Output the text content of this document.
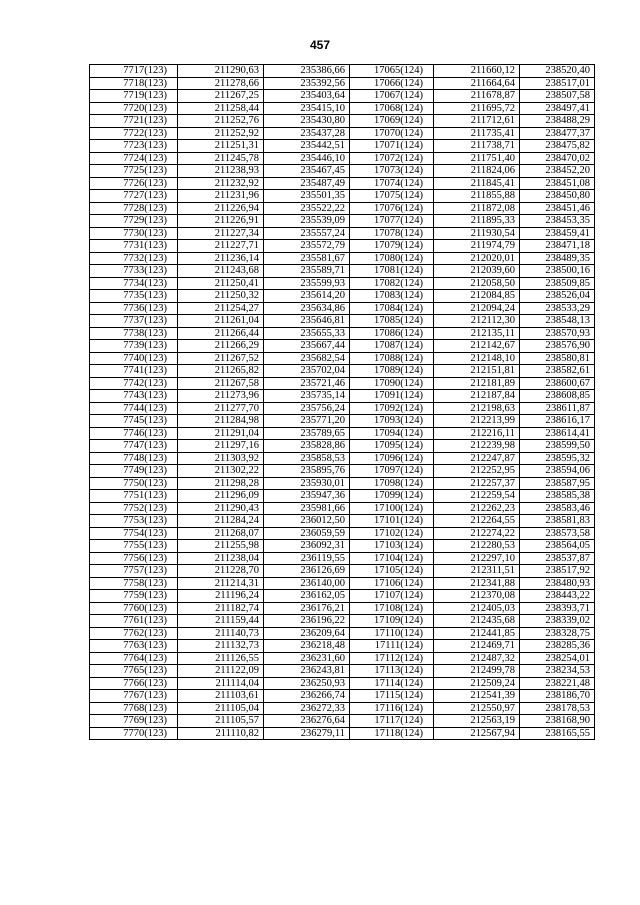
457
7717(123)	211290,63	235386,66	17065(124)	211660,12	238520,40
7718(123)	211278,66	235392,56	17066(124)	211664,64	238517,01
7719(123)	211267,25	235403,64	17067(124)	211678,87	238507,58
7720(123)	211258,44	235415,10	17068(124)	211695,72	238497,41
7721(123)	211252,76	235430,80	17069(124)	211712,61	238488,29
7722(123)	211252,92	235437,28	17070(124)	211735,41	238477,37
7723(123)	211251,31	235442,51	17071(124)	211738,71	238475,82
7724(123)	211245,78	235446,10	17072(124)	211751,40	238470,02
7725(123)	211238,93	235467,45	17073(124)	211824,06	238452,20
7726(123)	211232,92	235487,49	17074(124)	211845,41	238451,08
7727(123)	211231,96	235501,35	17075(124)	211855,88	238450,80
7728(123)	211226,94	235522,22	17076(124)	211872,08	238451,46
7729(123)	211226,91	235539,09	17077(124)	211895,33	238453,35
7730(123)	211227,34	235557,24	17078(124)	211930,54	238459,41
7731(123)	211227,71	235572,79	17079(124)	211974,79	238471,18
7732(123)	211236,14	235581,67	17080(124)	212020,01	238489,35
7733(123)	211243,68	235589,71	17081(124)	212039,60	238500,16
7734(123)	211250,41	235599,93	17082(124)	212058,50	238509,85
7735(123)	211250,32	235614,20	17083(124)	212084,85	238526,04
7736(123)	211254,27	235634,86	17084(124)	212094,24	238533,29
7737(123)	211261,04	235646,81	17085(124)	212112,30	238548,13
7738(123)	211266,44	235655,33	17086(124)	212135,11	238570,93
7739(123)	211266,29	235667,44	17087(124)	212142,67	238576,90
7740(123)	211267,52	235682,54	17088(124)	212148,10	238580,81
7741(123)	211265,82	235702,04	17089(124)	212151,81	238582,61
7742(123)	211267,58	235721,46	17090(124)	212181,89	238600,67
7743(123)	211273,96	235735,14	17091(124)	212187,84	238608,85
7744(123)	211277,70	235756,24	17092(124)	212198,63	238611,87
7745(123)	211284,98	235771,20	17093(124)	212213,99	238616,17
7746(123)	211291,04	235789,65	17094(124)	212216,11	238614,41
7747(123)	211297,16	235828,86	17095(124)	212239,98	238599,50
7748(123)	211303,92	235858,53	17096(124)	212247,87	238595,32
7749(123)	211302,22	235895,76	17097(124)	212252,95	238594,06
7750(123)	211298,28	235930,01	17098(124)	212257,37	238587,95
7751(123)	211296,09	235947,36	17099(124)	212259,54	238585,38
7752(123)	211290,43	235981,66	17100(124)	212262,23	238583,46
7753(123)	211284,24	236012,50	17101(124)	212264,55	238581,83
7754(123)	211268,07	236059,59	17102(124)	212274,22	238573,58
7755(123)	211255,98	236092,31	17103(124)	212280,53	238564,05
7756(123)	211238,04	236119,55	17104(124)	212297,10	238537,87
7757(123)	211228,70	236126,69	17105(124)	212311,51	238517,92
7758(123)	211214,31	236140,00	17106(124)	212341,88	238480,93
7759(123)	211196,24	236162,05	17107(124)	212370,08	238443,22
7760(123)	211182,74	236176,21	17108(124)	212405,03	238393,71
7761(123)	211159,44	236196,22	17109(124)	212435,68	238339,02
7762(123)	211140,73	236209,64	17110(124)	212441,85	238328,75
7763(123)	211132,73	236218,48	17111(124)	212469,71	238285,36
7764(123)	211126,55	236231,60	17112(124)	212487,32	238254,01
7765(123)	211122,09	236243,81	17113(124)	212499,78	238234,53
7766(123)	211114,04	236250,93	17114(124)	212509,24	238221,48
7767(123)	211103,61	236266,74	17115(124)	212541,39	238186,70
7768(123)	211105,04	236272,33	17116(124)	212550,97	238178,53
7769(123)	211105,57	236276,64	17117(124)	212563,19	238168,90
7770(123)	211110,82	236279,11	17118(124)	212567,94	238165,55
